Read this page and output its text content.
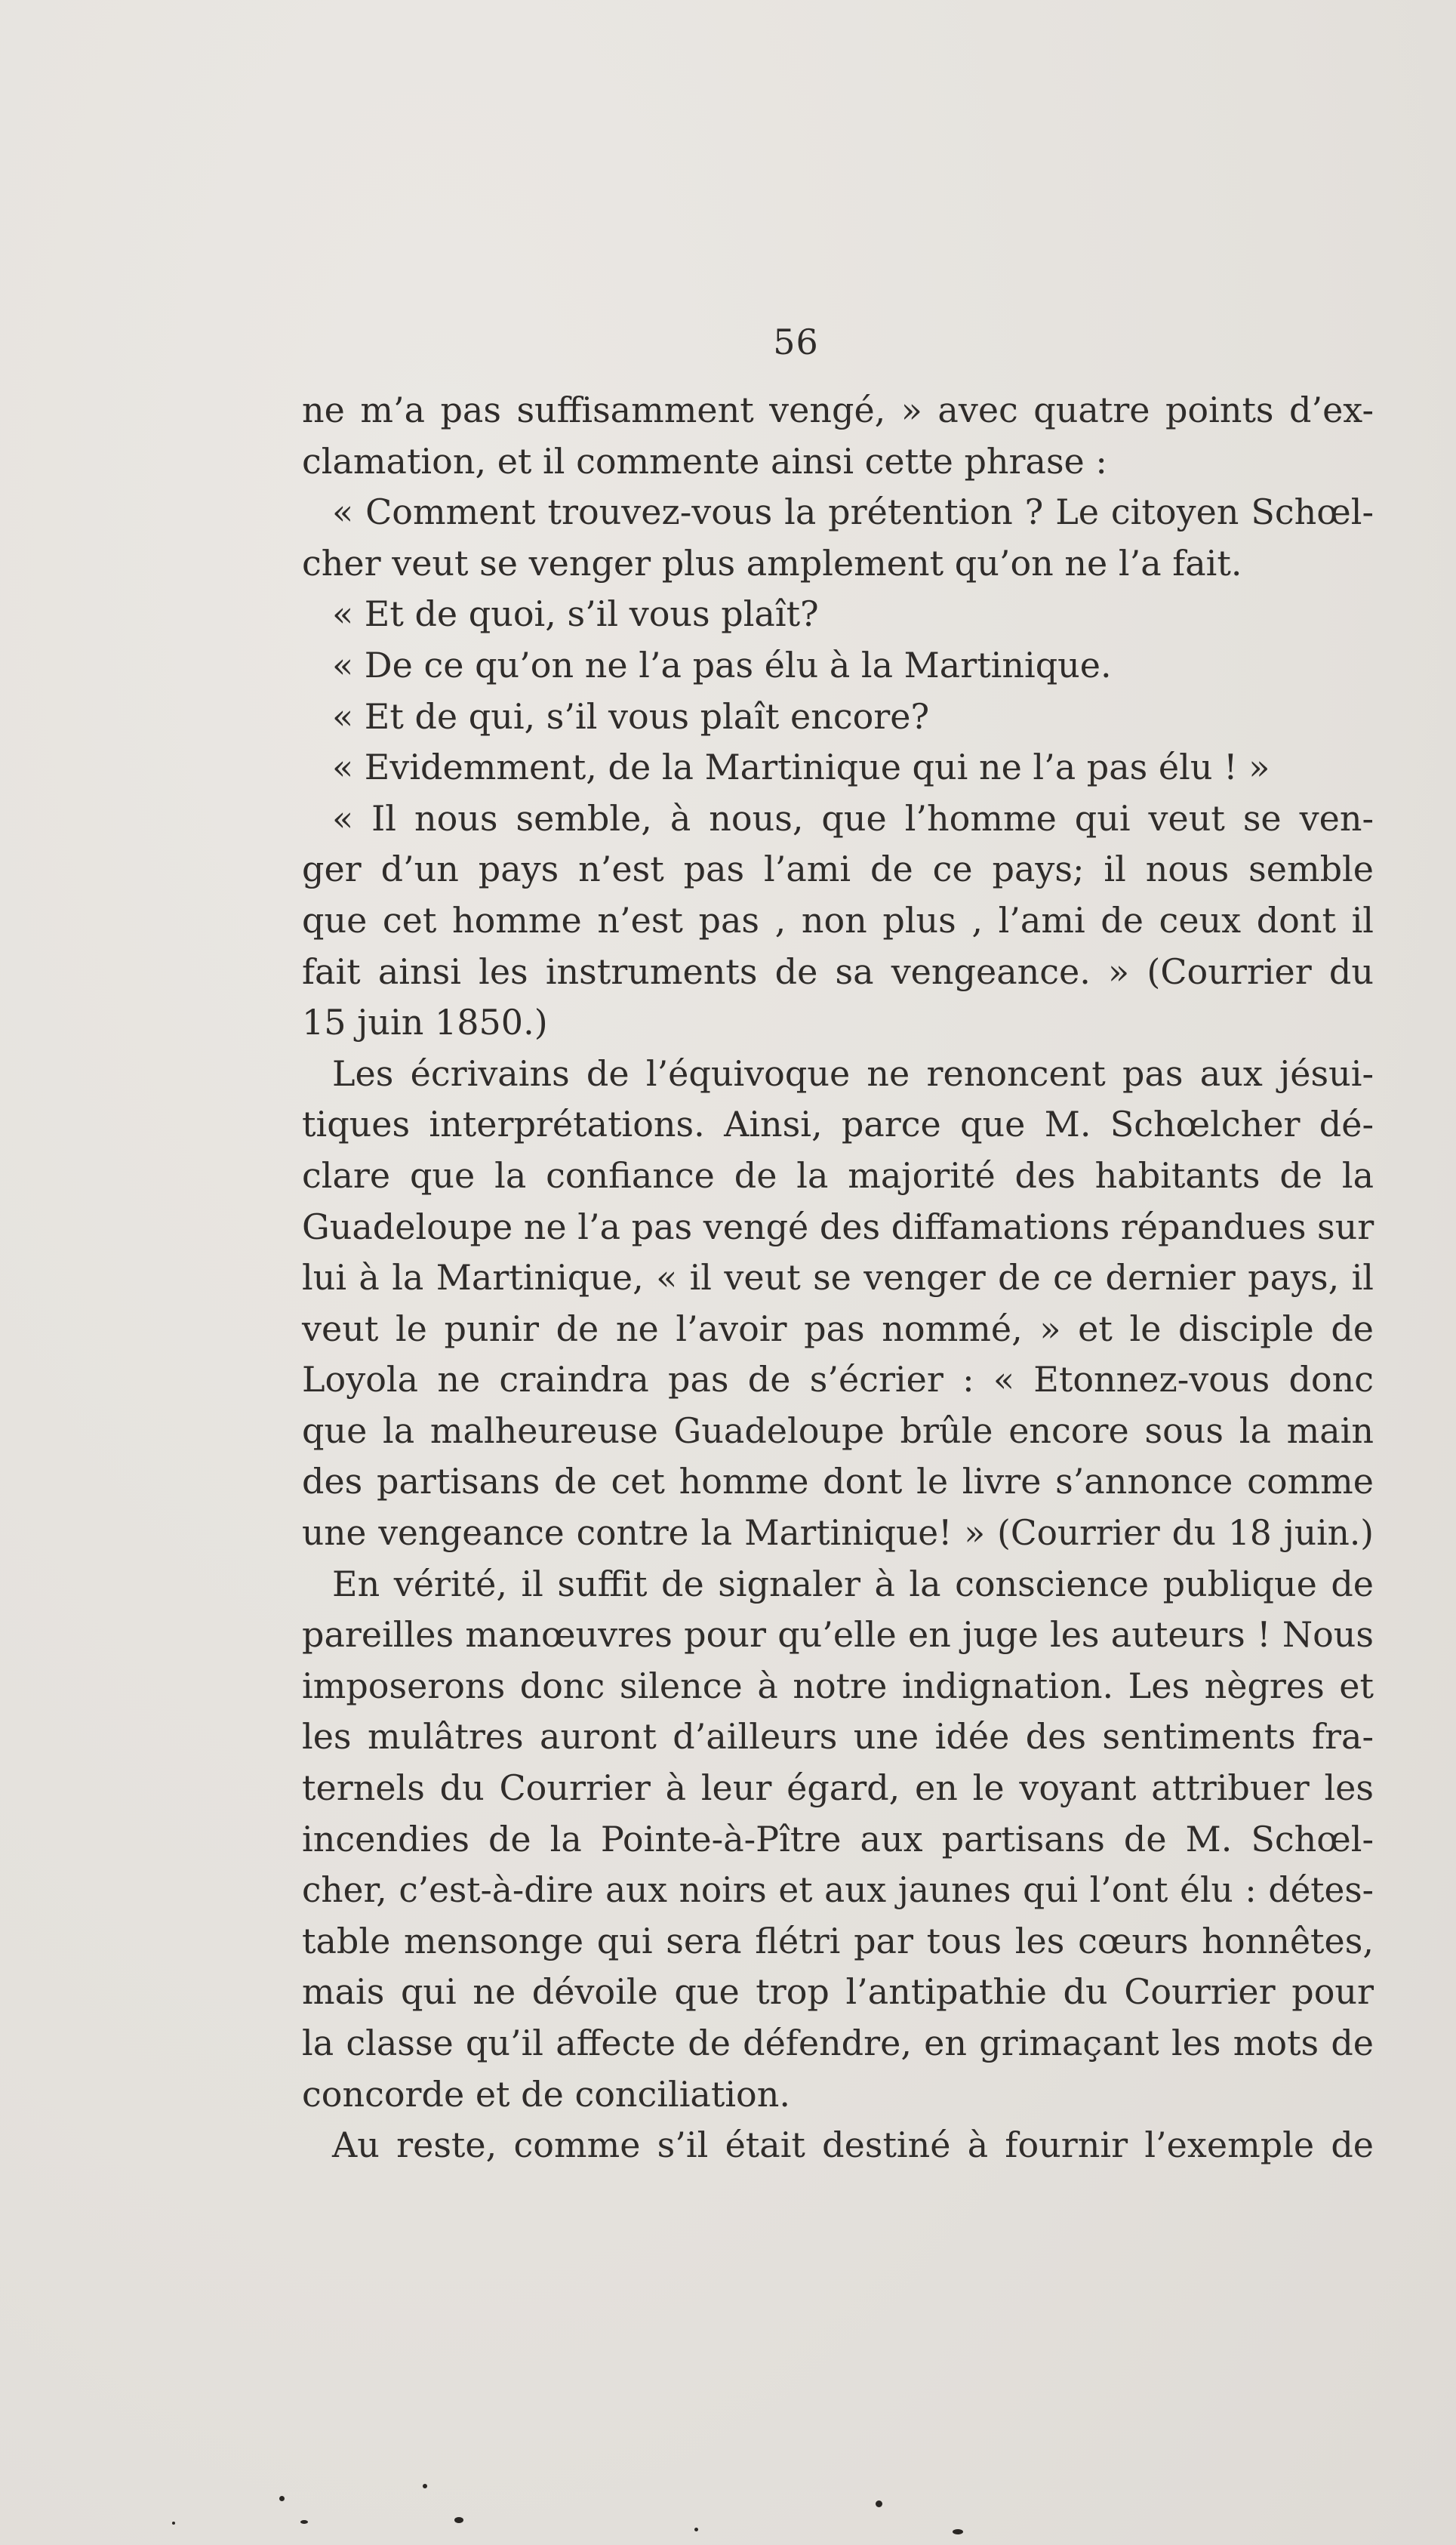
56
ne m’a pas suffisamment vengé, » avec quatre points d’ex-
clamation, et il commente ainsi cette phrase :
« Comment trouvez-vous la prétention ? Le citoyen Schœl-
cher veut se venger plus amplement qu’on ne l’a fait.
« Et de quoi, s’il vous plaît?
« De ce qu’on ne l’a pas élu à la Martinique.
« Et de qui, s’il vous plaît encore?
« Evidemment, de la Martinique qui ne l’a pas élu ! »
« Il nous semble, à nous, que l’homme qui veut se ven-
ger d’un pays n’est pas l’ami de ce pays; il nous semble
que cet homme n’est pas , non plus , l’ami de ceux dont il
fait ainsi les instruments de sa vengeance. » (Courrier du
15 juin 1850.)
Les écrivains de l’équivoque ne renoncent pas aux jésui-
tiques interprétations. Ainsi, parce que M. Schœlcher dé-
clare que la confiance de la majorité des habitants de la
Guadeloupe ne l’a pas vengé des diffamations répandues sur
lui à la Martinique, « il veut se venger de ce dernier pays, il
veut le punir de ne l’avoir pas nommé, » et le disciple de
Loyola ne craindra pas de s’écrier : « Etonnez-vous donc
que la malheureuse Guadeloupe brûle encore sous la main
des partisans de cet homme dont le livre s’annonce comme
une vengeance contre la Martinique! » (Courrier du 18 juin.)
En vérité, il suffit de signaler à la conscience publique de
pareilles manœuvres pour qu’elle en juge les auteurs ! Nous
imposerons donc silence à notre indignation. Les nègres et
les mulâtres auront d’ailleurs une idée des sentiments fra-
ternels du Courrier à leur égard, en le voyant attribuer les
incendies de la Pointe-à-Pître aux partisans de M. Schœl-
cher, c’est-à-dire aux noirs et aux jaunes qui l’ont élu : détes-
table mensonge qui sera flétri par tous les cœurs honnêtes,
mais qui ne dévoile que trop l’antipathie du Courrier pour
la classe qu’il affecte de défendre, en grimaçant les mots de
concorde et de conciliation.
Au reste, comme s’il était destiné à fournir l’exemple de
